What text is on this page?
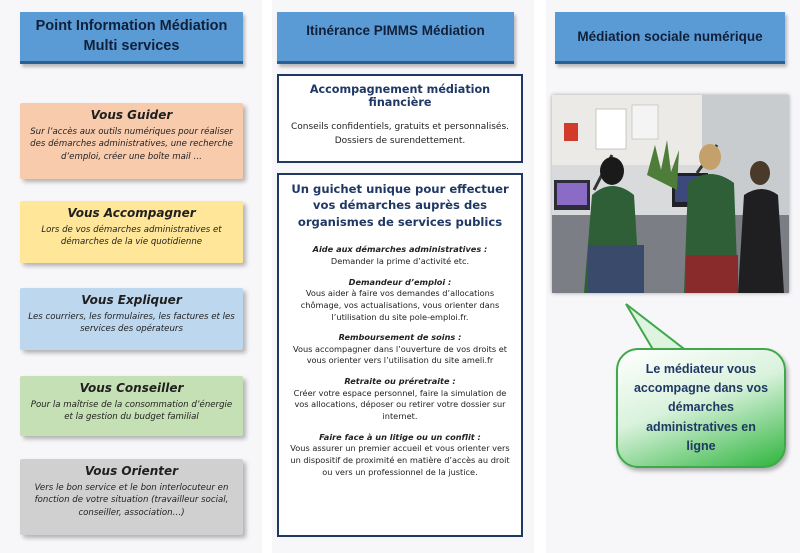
Point Information Médiation Multi services
Vous Guider
Sur l’accès aux outils numériques pour réaliser des démarches administratives, une recherche d’emploi, créer une boîte mail …
Vous Accompagner
Lors de vos démarches administratives et démarches de la vie quotidienne
Vous Expliquer
Les courriers, les formulaires, les factures et les services des opérateurs
Vous Conseiller
Pour la maîtrise de la consommation d’énergie et la gestion du budget familial
Vous Orienter
Vers le bon service et le bon interlocuteur en fonction de votre situation (travailleur social, conseiller, association…)
Itinérance PIMMS Médiation
Accompagnement médiation financière
Conseils confidentiels, gratuits et personnalisés. Dossiers de surendettement.
Un guichet unique pour effectuer vos démarches auprès des organismes de services publics
Aide aux démarches administratives :
Demander la prime d’activité etc.
Demandeur d’emploi :
Vous aider à faire vos demandes d’allocations chômage, vos actualisations, vous orienter dans l’utilisation du site pole-emploi.fr.
Remboursement de soins :
Vous accompagner dans l’ouverture de vos droits et vous orienter vers l’utilisation du site ameli.fr
Retraite ou préretraite :
Créer votre espace personnel, faire la simulation de vos allocations, déposer ou retirer votre dossier sur internet.
Faire face à un litige ou un conflit :
Vous assurer un premier accueil et vous orienter vers un dispositif de proximité en matière d’accès au droit ou vers un professionnel de la justice.
Médiation sociale numérique
Le médiateur vous accompagne dans vos démarches administratives en ligne
